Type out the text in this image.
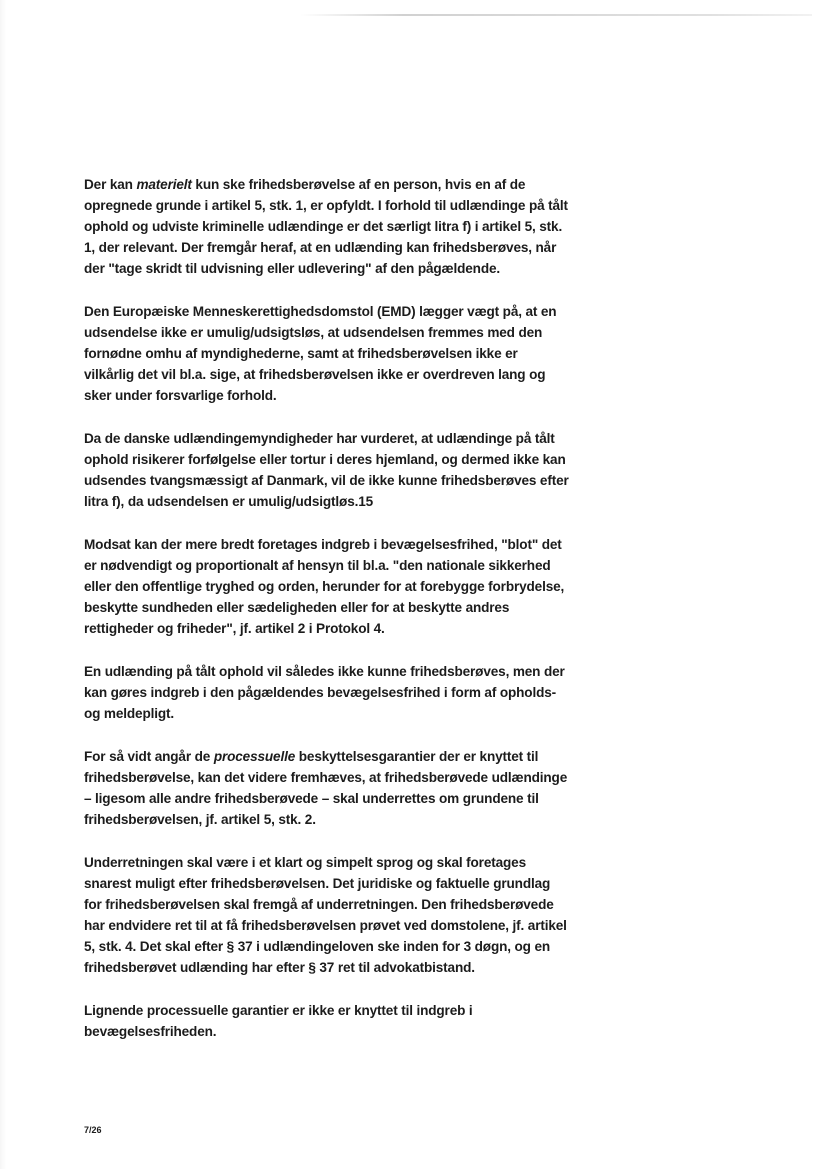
Der kan materielt kun ske frihedsberøvelse af en person, hvis en af de opregnede grunde i artikel 5, stk. 1, er opfyldt. I forhold til udlændinge på tålt ophold og udviste kriminelle udlændinge er det særligt litra f) i artikel 5, stk. 1, der relevant. Der fremgår heraf, at en udlænding kan frihedsberøves, når der "tage skridt til udvisning eller udlevering" af den pågældende.

Den Europæiske Menneskerettighedsdomstol (EMD) lægger vægt på, at en udsendelse ikke er umulig/udsigtsløs, at udsendelsen fremmes med den fornødne omhu af myndighederne, samt at frihedsberøvelsen ikke er vilkårlig det vil bl.a. sige, at frihedsberøvelsen ikke er overdreven lang og sker under forsvarlige forhold.

Da de danske udlændingemyndigheder har vurderet, at udlændinge på tålt ophold risikerer forfølgelse eller tortur i deres hjemland, og dermed ikke kan udsendes tvangsmæssigt af Danmark, vil de ikke kunne frihedsberøves efter litra f), da udsendelsen er umulig/udsigtløs.15

Modsat kan der mere bredt foretages indgreb i bevægelsesfrihed, "blot" det er nødvendigt og proportionalt af hensyn til bl.a. "den nationale sikkerhed eller den offentlige tryghed og orden, herunder for at forebygge forbrydelse, beskytte sundheden eller sædeligheden eller for at beskytte andres rettigheder og friheder", jf. artikel 2 i Protokol 4.

En udlænding på tålt ophold vil således ikke kunne frihedsberøves, men der kan gøres indgreb i den pågældendes bevægelsesfrihed i form af opholds- og meldepligt.

For så vidt angår de processuelle beskyttelsesgarantier der er knyttet til frihedsberøvelse, kan det videre fremhæves, at frihedsberøvede udlændinge – ligesom alle andre frihedsberøvede – skal underrettes om grundene til frihedsberøvelsen, jf. artikel 5, stk. 2.

Underretningen skal være i et klart og simpelt sprog og skal foretages snarest muligt efter frihedsberøvelsen. Det juridiske og faktuelle grundlag for frihedsberøvelsen skal fremgå af underretningen. Den frihedsberøvede har endvidere ret til at få frihedsberøvelsen prøvet ved domstolene, jf. artikel 5, stk. 4. Det skal efter § 37 i udlændingeloven ske inden for 3 døgn, og en frihedsberøvet udlænding har efter § 37 ret til advokatbistand.

Lignende processuelle garantier er ikke er knyttet til indgreb i bevægelsesfriheden.

7/26
